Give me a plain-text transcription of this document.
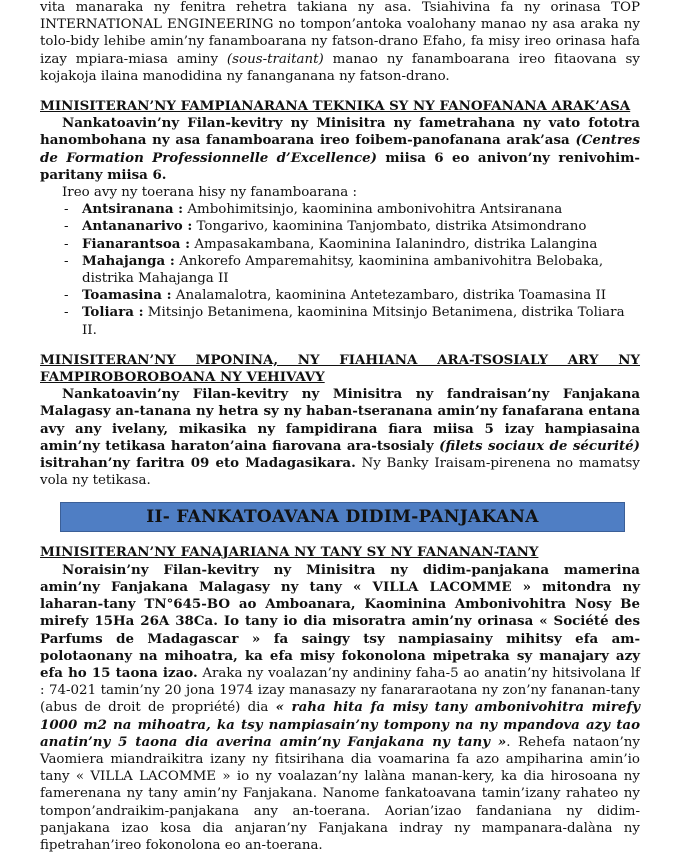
vita manaraka ny fenitra rehetra takiana ny asa. Tsiahivina fa ny orinasa TOP INTERNATIONAL ENGINEERING no tompon’antoka voalohany manao ny asa araka ny tolo-bidy lehibe amin’ny fanamboarana ny fatson-drano Efaho, fa misy ireo orinasa hafa izay mpiara-miasa aminy (sous-traitant) manao ny fanamboarana ireo fitaovana sy kojakoja ilaina manodidina ny fananganana ny fatson-drano.

MINISITERAN’NY FAMPIANARANA TEKNIKA SY NY FANOFANANA ARAK’ASA

Nankatoavin’ny Filan-kevitry ny Minisitra ny fametrahana ny vato fototra hanombohana ny asa fanamboarana ireo foibem-panofanana arak’asa (Centres de Formation Professionnelle d’Excellence) miisa 6 eo anivon’ny renivohim-paritany miisa 6.

Ireo avy ny toerana hisy ny fanamboarana :

- Antsiranana : Ambohimitsinjo, kaominina ambonivohitra Antsiranana
- Antananarivo : Tongarivo, kaominina Tanjombato, distrika Atsimondrano
- Fianarantsoa : Ampasakambana, Kaominina Ialanindro, distrika Lalangina
- Mahajanga : Ankorefo Amparemahitsy, kaominina ambanivohitra Belobaka, distrika Mahajanga II
- Toamasina : Analamalotra, kaominina Antetezambaro, distrika Toamasina II
- Toliara : Mitsinjo Betanimena, kaominina Mitsinjo Betanimena, distrika Toliara II.

MINISITERAN’NY MPONINA, NY FIAHIANA ARA-TSOSIALY ARY NY FAMPIROBOROBOANA NY VEHIVAVY

Nankatoavin’ny Filan-kevitry ny Minisitra ny fandraisan’ny Fanjakana Malagasy an-tanana ny hetra sy ny haban-tseranana amin’ny fanafarana entana avy any ivelany, mikasika ny fampidirana fiara miisa 5 izay hampiasaina amin’ny tetikasa haraton’aina fiarovana ara-tsosialy (filets sociaux de sécurité) isitrahan’ny faritra 09 eto Madagasikara. Ny Banky Iraisam-pirenena no mamatsy vola ny tetikasa.

II- FANKATOAVANA DIDIM-PANJAKANA

MINISITERAN’NY FANAJARIANA NY TANY SY NY FANANAN-TANY

Noraisin’ny Filan-kevitry ny Minisitra ny didim-panjakana mamerina amin’ny Fanjakana Malagasy ny tany « VILLA LACOMME » mitondra ny laharan-tany TN°645-BO ao Amboanara, Kaominina Ambonivohitra Nosy Be mirefy 15Ha 26A 38Ca. Io tany io dia misoratra amin’ny orinasa « Société des Parfums de Madagascar » fa saingy tsy nampiasainy mihitsy efa am-polotaonany na mihoatra, ka efa misy fokonolona mipetraka sy manajary azy efa ho 15 taona izao. Araka ny voalazan’ny andininy faha-5 ao anatin’ny hitsivolana lf : 74-021 tamin’ny 20 jona 1974 izay manasazy ny fanararaotana ny zon’ny fananan-tany (abus de droit de propriété) dia « raha hita fa misy tany ambonivohitra mirefy 1000 m2 na mihoatra, ka tsy nampiasain’ny tompony na ny mpandova azy tao anatin’ny 5 taona dia averina amin’ny Fanjakana ny tany ». Rehefa nataon’ny Vaomiera miandraikitra izany ny fitsirihana dia voamarina fa azo ampiharina amin’io tany « VILLA LACOMME » io ny voalazan’ny lalàna manan-kery, ka dia hirosoana ny famerenana ny tany amin’ny Fanjakana. Nanome fankatoavana tamin’izany rahateo ny tompon’andraikim-panjakana any an-toerana. Aorian’izao fandaniana ny didim-panjakana izao kosa dia anjaran’ny Fanjakana indray ny mampanara-dalàna ny fipetrahan’ireo fokonolona eo an-toerana.
